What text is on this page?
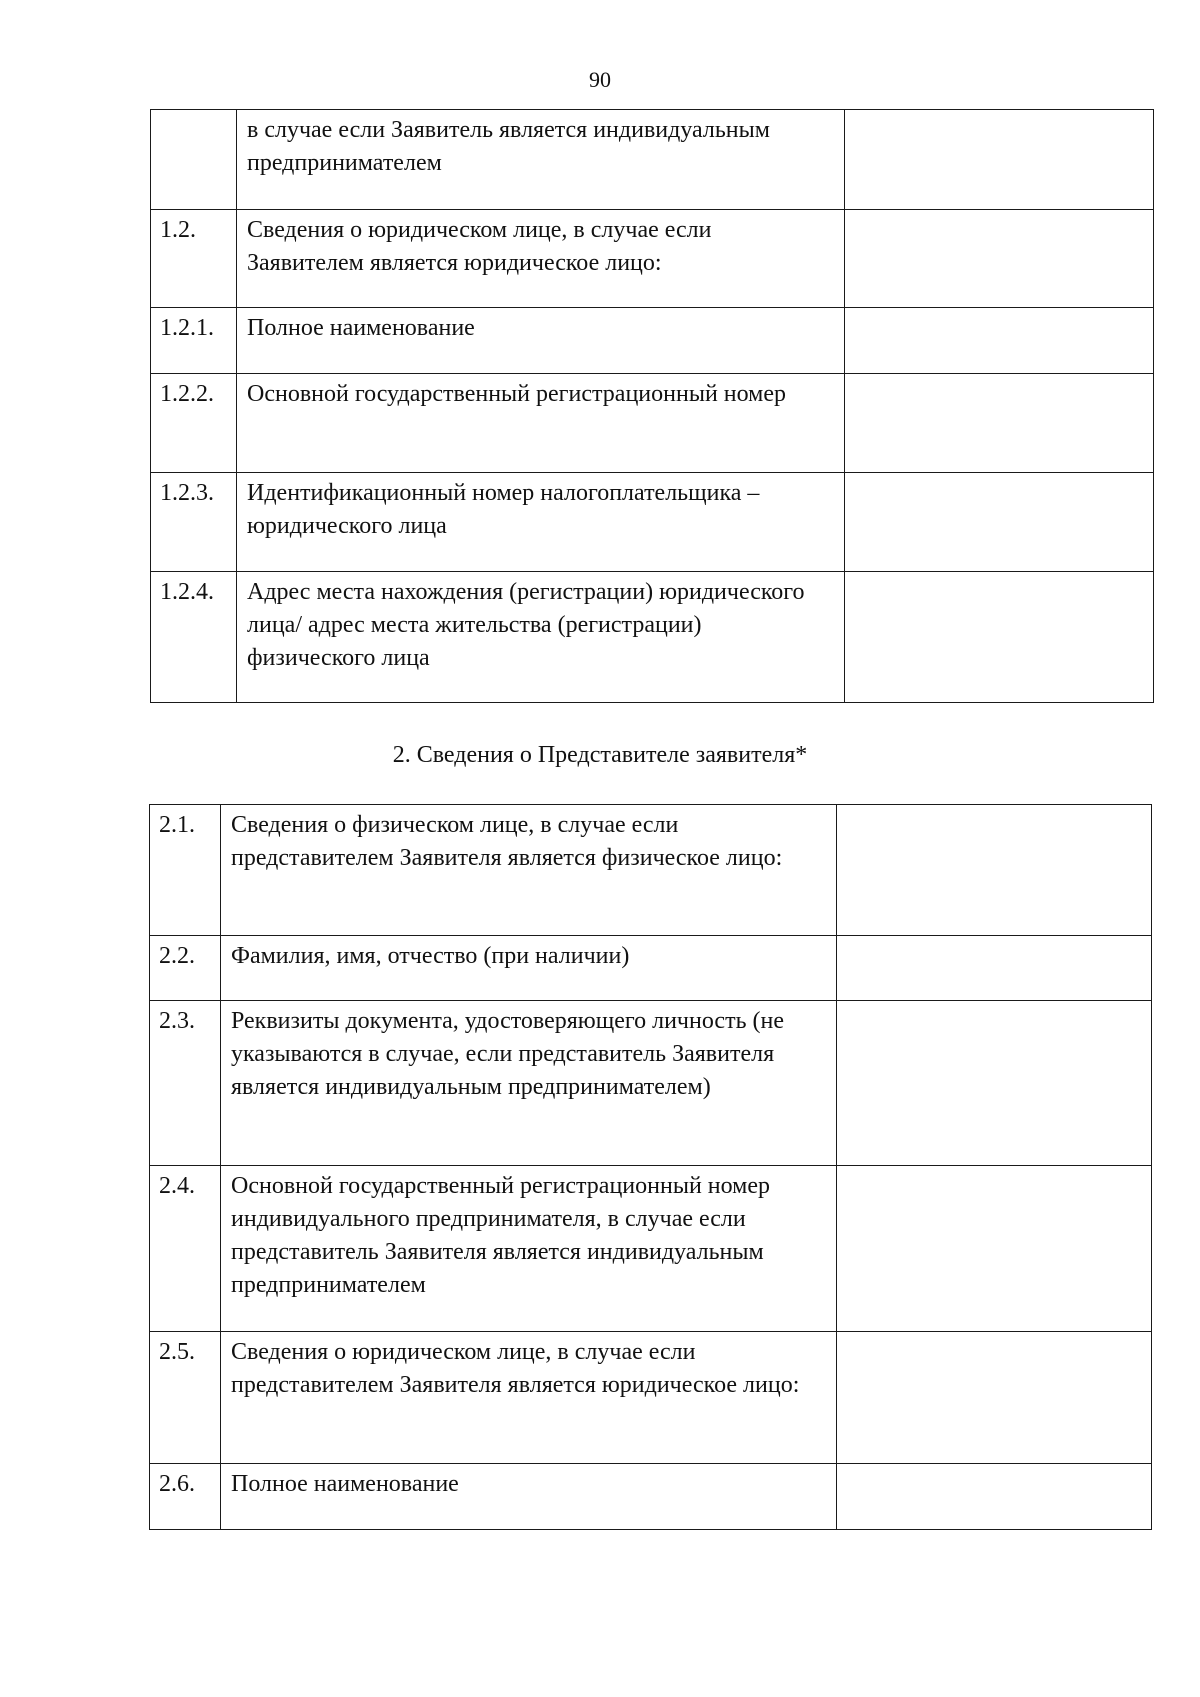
90
	в случае если Заявитель является индивидуальным предпринимателем	
1.2.	Сведения о юридическом лице, в случае если Заявителем является юридическое лицо:	
1.2.1.	Полное наименование	
1.2.2.	Основной государственный регистрационный номер	
1.2.3.	Идентификационный номер налогоплательщика – юридического лица	
1.2.4.	Адрес места нахождения (регистрации) юридического лица/ адрес места жительства (регистрации) физического лица	
2. Сведения о Представителе заявителя*
2.1.	Сведения о физическом лице, в случае если представителем Заявителя является физическое лицо:	
2.2.	Фамилия, имя, отчество (при наличии)	
2.3.	Реквизиты документа, удостоверяющего личность (не указываются в случае, если представитель Заявителя является индивидуальным предпринимателем)	
2.4.	Основной государственный регистрационный номер индивидуального предпринимателя, в случае если представитель Заявителя является индивидуальным предпринимателем	
2.5.	Сведения о юридическом лице, в случае если представителем Заявителя является юридическое лицо:	
2.6.	Полное наименование	
